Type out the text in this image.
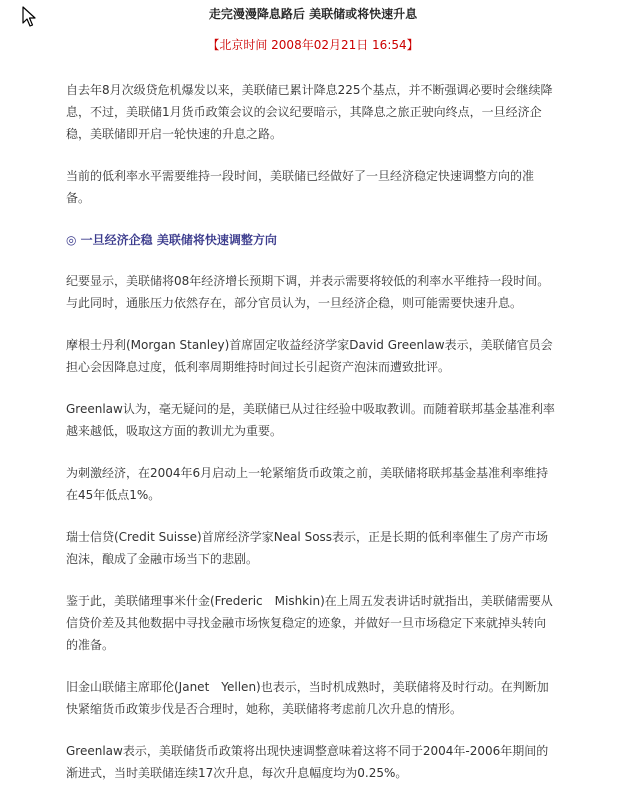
走完漫漫降息路后 美联储或将快速升息
【北京时间 2008年02月21日 16:54】

自去年8月次级贷危机爆发以来，美联储已累计降息225个基点，并不断强调必要时会继续降息，不过，美联储1月货币政策会议的会议纪要暗示，其降息之旅正驶向终点，一旦经济企稳，美联储即开启一轮快速的升息之路。

当前的低利率水平需要维持一段时间，美联储已经做好了一旦经济稳定快速调整方向的准备。

◎ 一旦经济企稳 美联储将快速调整方向

纪要显示，美联储将08年经济增长预期下调，并表示需要将较低的利率水平维持一段时间。与此同时，通胀压力依然存在，部分官员认为，一旦经济企稳，则可能需要快速升息。

摩根士丹利(Morgan Stanley)首席固定收益经济学家David Greenlaw表示，美联储官员会担心会因降息过度，低利率周期维持时间过长引起资产泡沫而遭致批评。

Greenlaw认为，毫无疑问的是，美联储已从过往经验中吸取教训。而随着联邦基金基准利率越来越低，吸取这方面的教训尤为重要。

为刺激经济，在2004年6月启动上一轮紧缩货币政策之前，美联储将联邦基金基准利率维持在45年低点1%。

瑞士信贷(Credit Suisse)首席经济学家Neal Soss表示，正是长期的低利率催生了房产市场泡沫，酿成了金融市场当下的悲剧。

鉴于此，美联储理事米什金(Frederic　Mishkin)在上周五发表讲话时就指出，美联储需要从信贷价差及其他数据中寻找金融市场恢复稳定的迹象，并做好一旦市场稳定下来就掉头转向的准备。

旧金山联储主席耶伦(Janet　Yellen)也表示，当时机成熟时，美联储将及时行动。在判断加快紧缩货币政策步伐是否合理时，她称，美联储将考虑前几次升息的情形。

Greenlaw表示，美联储货币政策将出现快速调整意味着这将不同于2004年-2006年期间的渐进式，当时美联储连续17次升息，每次升息幅度均为0.25%。
